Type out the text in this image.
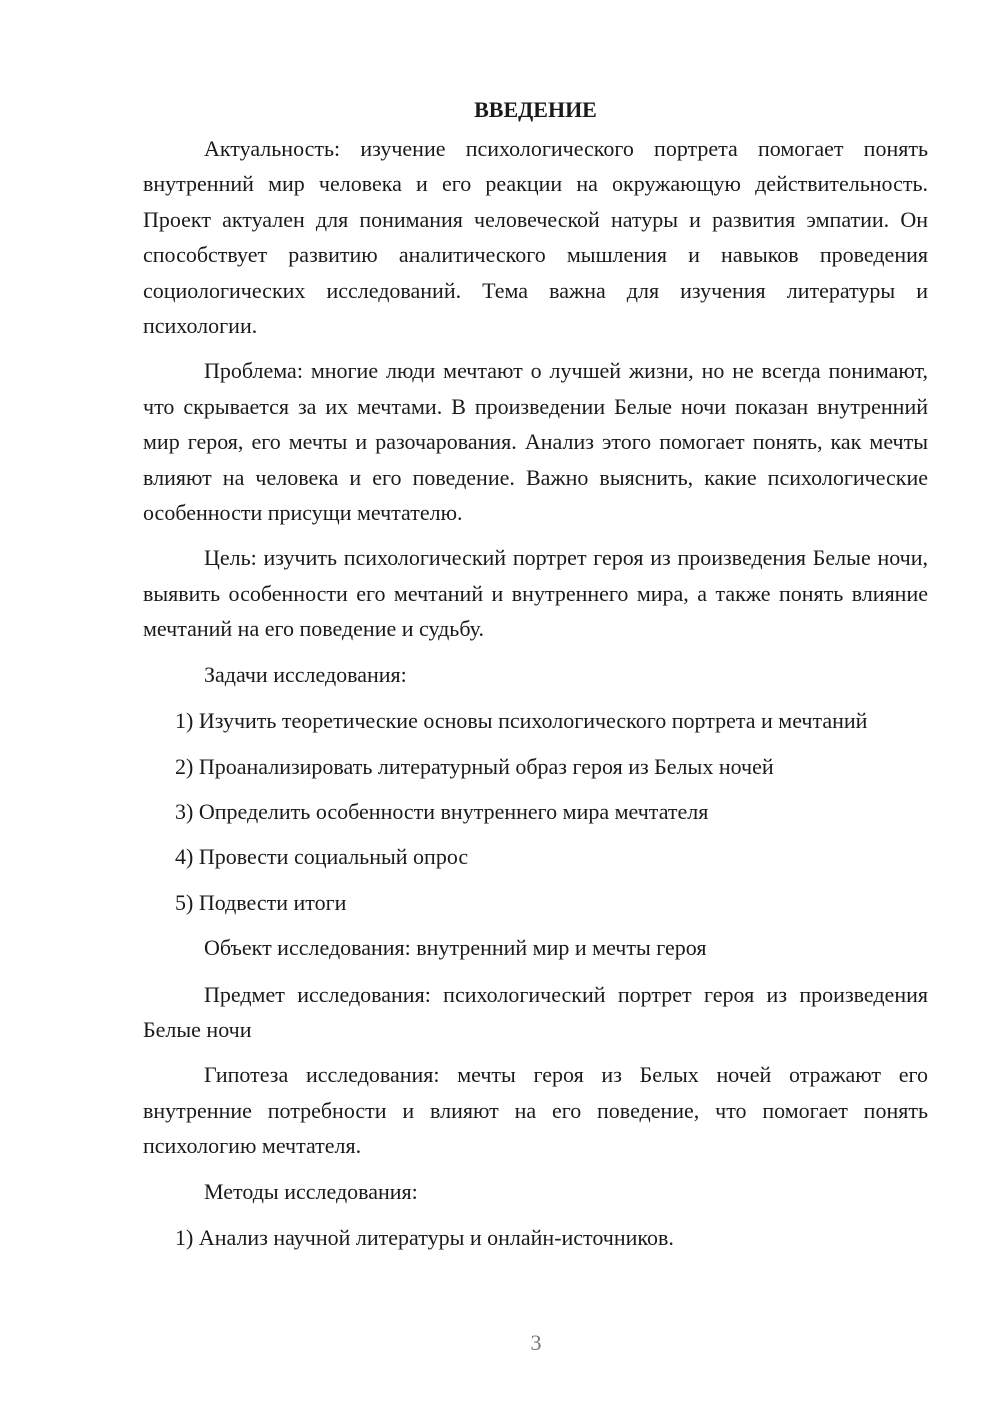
ВВЕДЕНИЕ

Актуальность: изучение психологического портрета помогает понять внутренний мир человека и его реакции на окружающую действительность. Проект актуален для понимания человеческой натуры и развития эмпатии. Он способствует развитию аналитического мышления и навыков проведения социологических исследований. Тема важна для изучения литературы и психологии.

Проблема: многие люди мечтают о лучшей жизни, но не всегда понимают, что скрывается за их мечтами. В произведении Белые ночи показан внутренний мир героя, его мечты и разочарования. Анализ этого помогает понять, как мечты влияют на человека и его поведение. Важно выяснить, какие психологические особенности присущи мечтателю.

Цель: изучить психологический портрет героя из произведения Белые ночи, выявить особенности его мечтаний и внутреннего мира, а также понять влияние мечтаний на его поведение и судьбу.

Задачи исследования:

1) Изучить теоретические основы психологического портрета и мечтаний

2) Проанализировать литературный образ героя из Белых ночей

3) Определить особенности внутреннего мира мечтателя

4) Провести социальный опрос

5) Подвести итоги

Объект исследования: внутренний мир и мечты героя

Предмет исследования: психологический портрет героя из произведения Белые ночи

Гипотеза исследования: мечты героя из Белых ночей отражают его внутренние потребности и влияют на его поведение, что помогает понять психологию мечтателя.

Методы исследования:

1) Анализ научной литературы и онлайн-источников.

3
